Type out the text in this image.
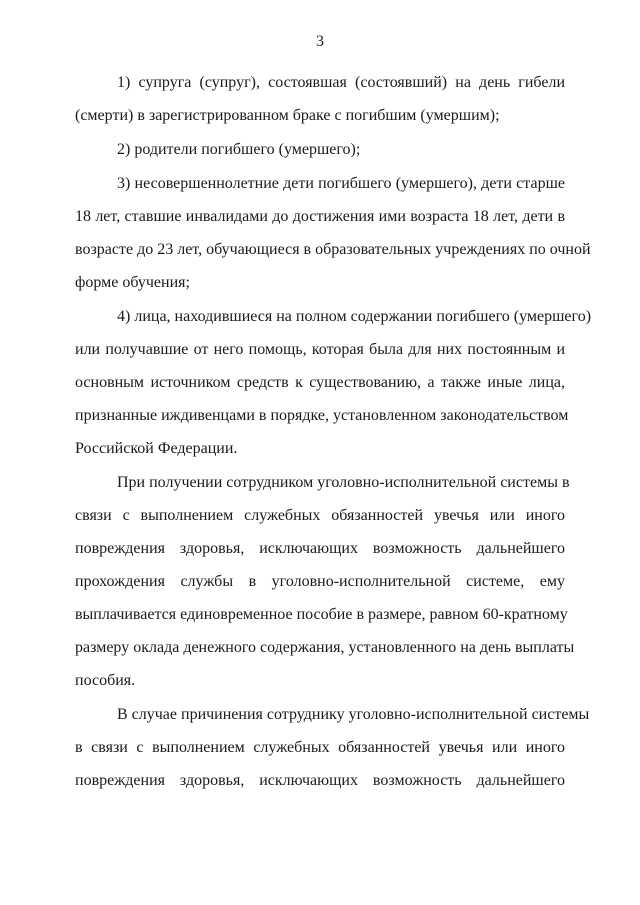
3
1) супруга (супруг), состоявшая (состоявший) на день гибели
(смерти) в зарегистрированном браке с погибшим (умершим);
2) родители погибшего (умершего);
3) несовершеннолетние дети погибшего (умершего), дети старше
18 лет, ставшие инвалидами до достижения ими возраста 18 лет, дети в
возрасте до 23 лет, обучающиеся в образовательных учреждениях по очной
форме обучения;
4) лица, находившиеся на полном содержании погибшего (умершего)
или получавшие от него помощь, которая была для них постоянным и
основным источником средств к существованию, а также иные лица,
признанные иждивенцами в порядке, установленном законодательством
Российской Федерации.
При получении сотрудником уголовно-исполнительной системы в
связи с выполнением служебных обязанностей увечья или иного
повреждения здоровья, исключающих возможность дальнейшего
прохождения службы в уголовно-исполнительной системе, ему
выплачивается единовременное пособие в размере, равном 60-кратному
размеру оклада денежного содержания, установленного на день выплаты
пособия.
В случае причинения сотруднику уголовно-исполнительной системы
в связи с выполнением служебных обязанностей увечья или иного
повреждения здоровья, исключающих возможность дальнейшего
